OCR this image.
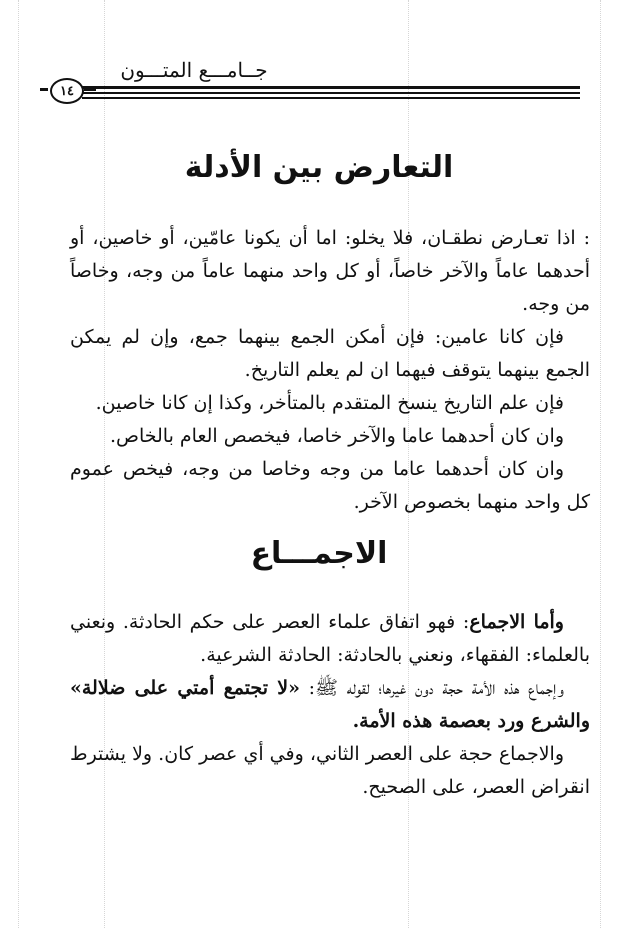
جــامـــع المتـــون
١٤
التعارض بين الأدلة

: اذا تعـارض نطقـان، فلا يخلو: اما أن يكونا عامّين، أو خاصين، أو أحدهما عاماً والآخر خاصاً، أو كل واحد منهما عاماً من وجه، وخاصاً من وجه.

فإن كانا عامين: فإن أمكن الجمع بينهما جمع، وإن لم يمكن الجمع بينهما يتوقف فيهما ان لم يعلم التاريخ.

فإن علم التاريخ ينسخ المتقدم بالمتأخر، وكذا إن كانا خاصين.

وان كان أحدهما عاما والآخر خاصا، فيخصص العام بالخاص.

وان كان أحدهما عاما من وجه وخاصا من وجه، فيخص عموم كل واحد منهما بخصوص الآخر.

الاجمـــاع

وأما الاجماع: فهو اتفاق علماء العصر على حكم الحادثة. ونعني بالعلماء: الفقهاء، ونعني بالحادثة: الحادثة الشرعية.

وإجماع هذه الأمة حجة دون غيرها؛ لقوله ﷺ: «لا تجتمع أمتي على ضلالة» والشرع ورد بعصمة هذه الأمة.

والاجماع حجة على العصر الثاني، وفي أي عصر كان. ولا يشترط انقراض العصر، على الصحيح.
